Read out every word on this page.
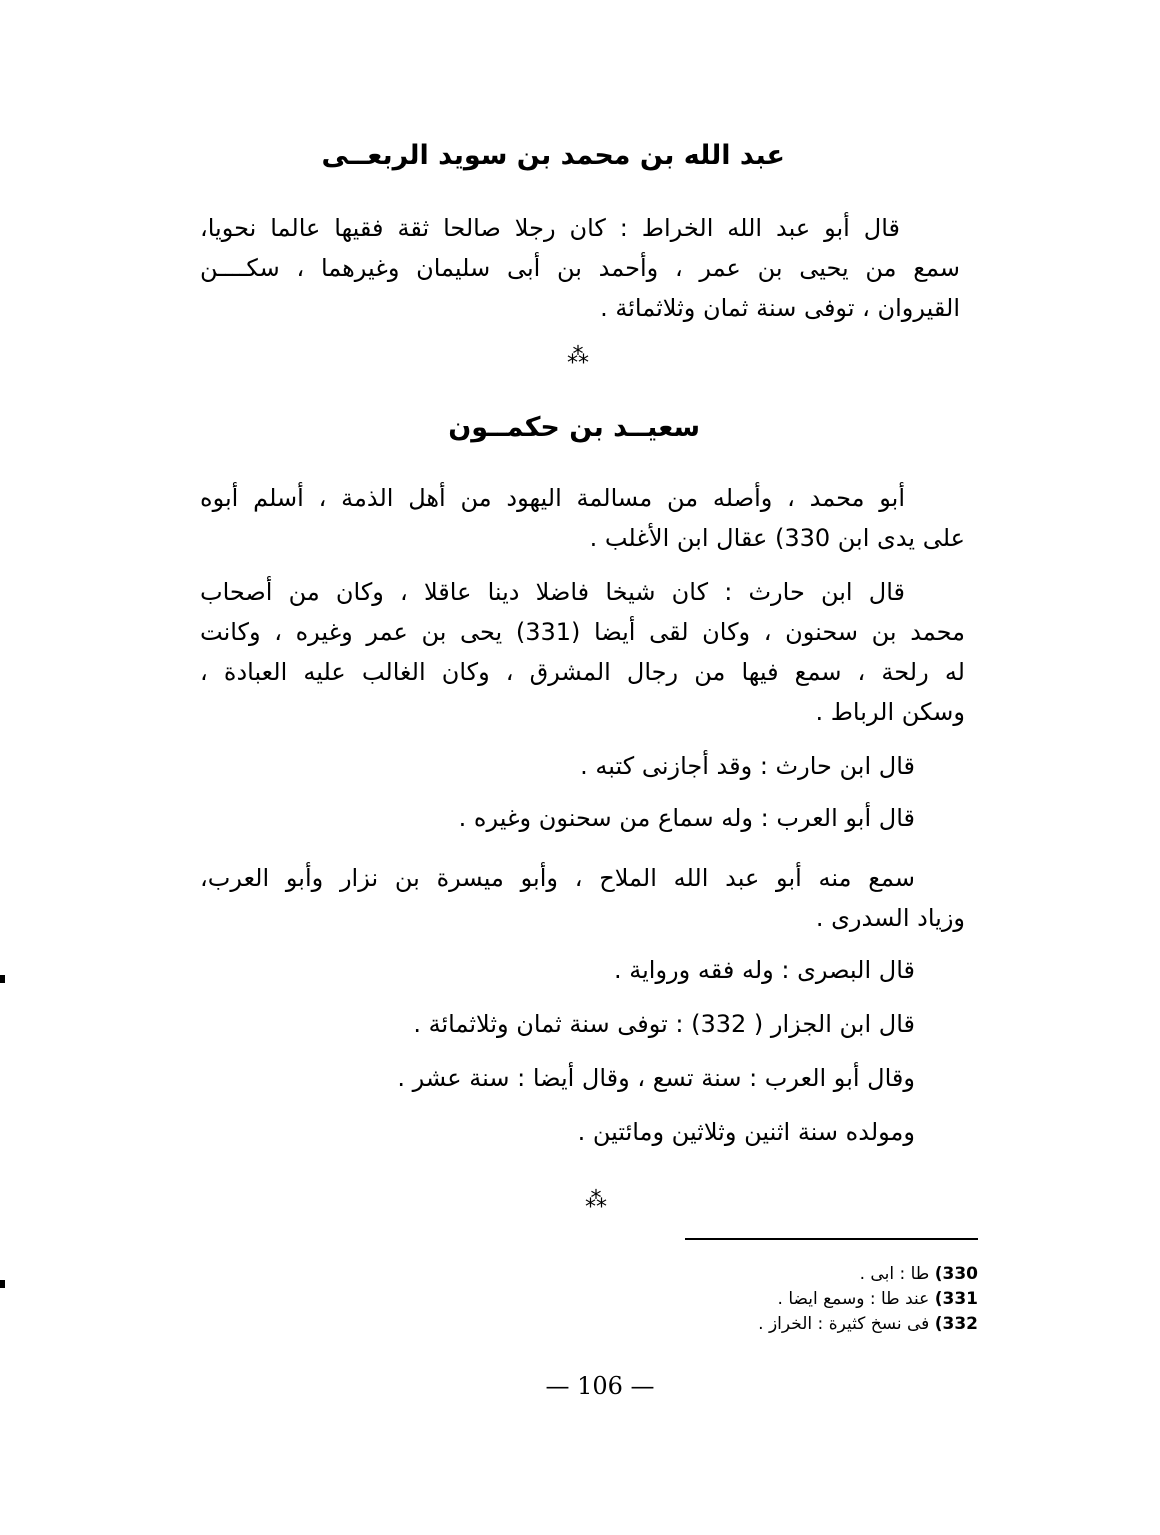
عبد الله بن محمد بن سويد الربعــى
قال أبو عبد الله الخراط : كان رجلا صالحا ثقة فقيها عالما نحويا،
سمع من يحيى بن عمر ، وأحمد بن أبى سليمان وغيرهما ، سكــــن
القيروان ، توفى سنة ثمان وثلاثمائة .
⁂
سعيــد بن حكمــون
أبو محمد ، وأصله من مسالمة اليهود من أهل الذمة ، أسلم أبوه
على يدى ابن 330) عقال ابن الأغلب .
قال ابن حارث : كان شيخا فاضلا دينا عاقلا ، وكان من أصحاب
محمد بن سحنون ، وكان لقى أيضا (331) يحى بن عمر وغيره ، وكانت
له رلحة ، سمع فيها من رجال المشرق ، وكان الغالب عليه العبادة ،
وسكن الرباط .
قال ابن حارث : وقد أجازنى كتبه .
قال أبو العرب : وله سماع من سحنون وغيره .
سمع منه أبو عبد الله الملاح ، وأبو ميسرة بن نزار وأبو العرب،
وزياد السدرى .
قال البصرى : وله فقه ورواية .
قال ابن الجزار ( 332) : توفى سنة ثمان وثلاثمائة .
وقال أبو العرب : سنة تسع ، وقال أيضا : سنة عشر .
ومولده سنة اثنين وثلاثين ومائتين .
⁂
330) طا : ابى .
331) عند طا : وسمع ايضا .
332) فى نسخ كثيرة : الخراز .
— 106 —
